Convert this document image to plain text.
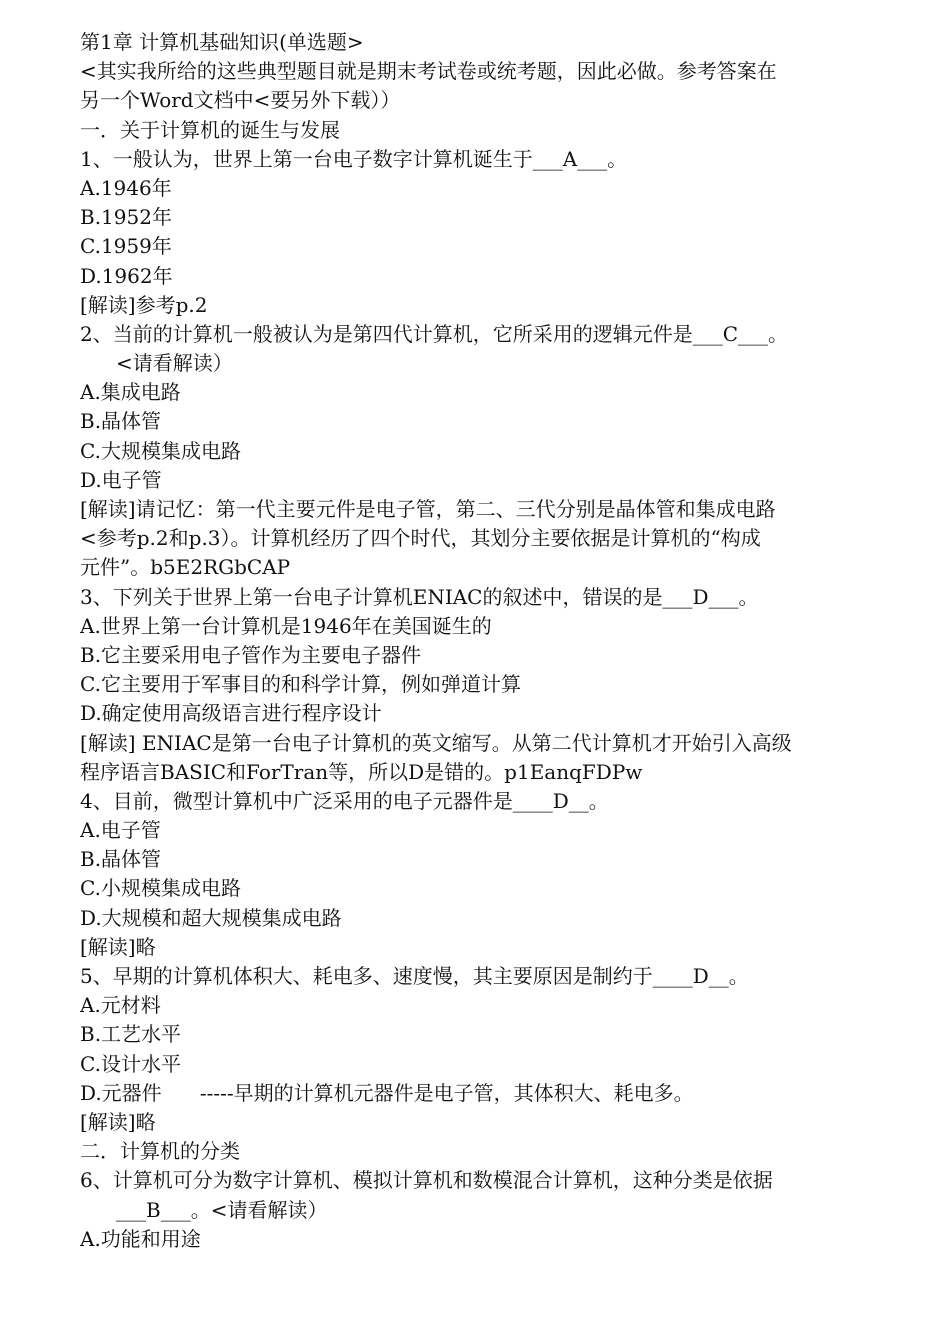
第1章 计算机基础知识(单选题>
<其实我所给的这些典型题目就是期末考试卷或统考题，因此必做。参考答案在
另一个Word文档中<要另外下载））
一．关于计算机的诞生与发展
1、一般认为，世界上第一台电子数字计算机诞生于___A___。
A.1946年
B.1952年
C.1959年
D.1962年
[解读]参考p.2
2、当前的计算机一般被认为是第四代计算机，它所采用的逻辑元件是___C___。
<请看解读）
A.集成电路
B.晶体管
C.大规模集成电路
D.电子管
[解读]请记忆：第一代主要元件是电子管，第二、三代分别是晶体管和集成电路
<参考p.2和p.3）。计算机经历了四个时代，其划分主要依据是计算机的“构成
元件”。b5E2RGbCAP
3、下列关于世界上第一台电子计算机ENIAC的叙述中，错误的是___D___。
A.世界上第一台计算机是1946年在美国诞生的
B.它主要采用电子管作为主要电子器件
C.它主要用于军事目的和科学计算，例如弹道计算
D.确定使用高级语言进行程序设计
[解读] ENIAC是第一台电子计算机的英文缩写。从第二代计算机才开始引入高级
程序语言BASIC和ForTran等，所以D是错的。p1EanqFDPw
4、目前，微型计算机中广泛采用的电子元器件是____D__。
A.电子管
B.晶体管
C.小规模集成电路
D.大规模和超大规模集成电路
[解读]略
5、早期的计算机体积大、耗电多、速度慢，其主要原因是制约于____D__。
A.元材料
B.工艺水平
C.设计水平
D.元器件      -----早期的计算机元器件是电子管，其体积大、耗电多。
[解读]略
二．计算机的分类
6、计算机可分为数字计算机、模拟计算机和数模混合计算机，这种分类是依据
___B___。<请看解读）
A.功能和用途
